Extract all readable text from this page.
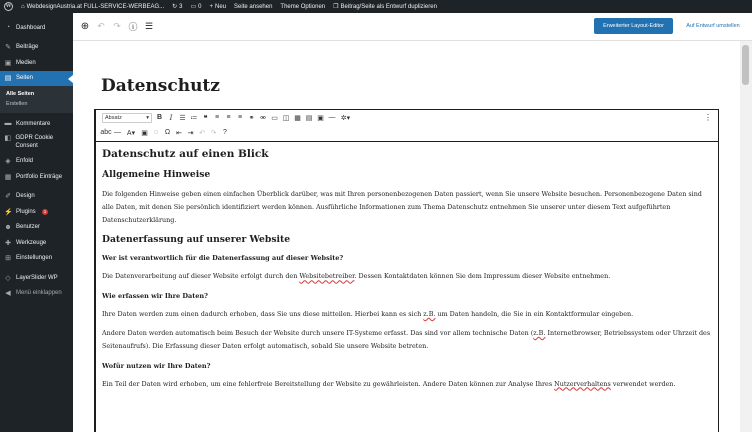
W ⌂ WebdesignAustria.at FULL-SERVICE-WERBEAG... ↻ 3 ▭ 0 + Neu Seite ansehen Theme Optionen ❐ Beitrag/Seite als Entwurf duplizieren
◔ Dashboard
✎ Beiträge
▣ Medien
▤ Seiten
Alle Seiten
Erstellen
▬ Kommentare
◧ GDPR Cookie Consent
◈ Enfold
▦ Portfolio Einträge
✐ Design
⚡ Plugins	1
☻ Benutzer
✚ Werkzeuge
⊞ Einstellungen
◇ LayerSlider WP
◀ Menü einklappen
⊕ ↶ ↷ ⓘ ☰	Erweiterter Layout-Editor	Auf Entwurf umstellen
Datenschutz
Absatz	▾ B	I ☰ ≔ ❝	≡ ≡ ≡ ⚭ ⚮ ▭ ◫ ▦ ▤ ▣ — ✲▾
abc — A▾ ▣ ◌ Ω ⇤ ⇥ ↶ ↷ ?
⋮
Datenschutz auf einen Blick
Allgemeine Hinweise

Die folgenden Hinweise geben einen einfachen Überblick darüber, was mit Ihren personenbezogenen Daten passiert, wenn Sie unsere Website besuchen. Personenbezogene Daten sind alle Daten, mit denen Sie persönlich identifiziert werden können. Ausführliche Informationen zum Thema Datenschutz entnehmen Sie unserer unter diesem Text aufgeführten Datenschutzerklärung.

Datenerfassung auf unserer Website
Wer ist verantwortlich für die Datenerfassung auf dieser Website?

Die Datenverarbeitung auf dieser Website erfolgt durch den Websitebetreiber. Dessen Kontaktdaten können Sie dem Impressum dieser Website entnehmen.

Wie erfassen wir Ihre Daten?

Ihre Daten werden zum einen dadurch erhoben, dass Sie uns diese mitteilen. Hierbei kann es sich z.B. um Daten handeln, die Sie in ein Kontaktformular eingeben.

Andere Daten werden automatisch beim Besuch der Website durch unsere IT-Systeme erfasst. Das sind vor allem technische Daten (z.B. Internetbrowser, Betriebssystem oder Uhrzeit des Seitenaufrufs). Die Erfassung dieser Daten erfolgt automatisch, sobald Sie unsere Website betreten.

Wofür nutzen wir Ihre Daten?

Ein Teil der Daten wird erhoben, um eine fehlerfreie Bereitstellung der Website zu gewährleisten. Andere Daten können zur Analyse Ihres Nutzerverhaltens verwendet werden.
